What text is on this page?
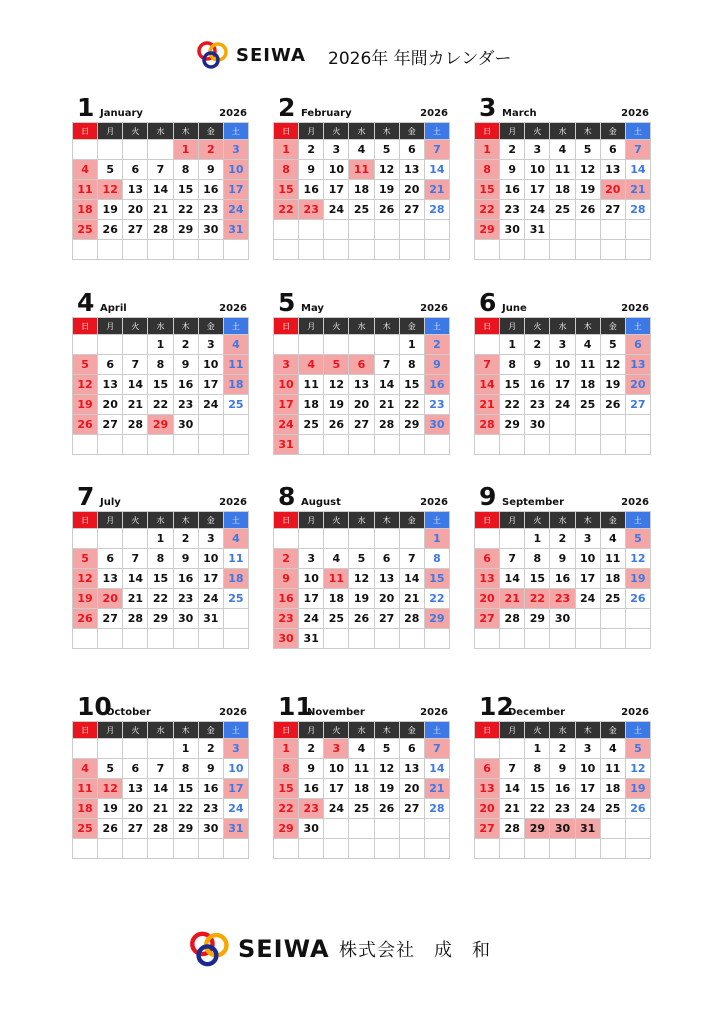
SEIWA 2026年 年間カレンダー
1 January	2026
日	月	火	水	木	金	土
				1	2	3
4	5	6	7	8	9	10
11	12	13	14	15	16	17
18	19	20	21	22	23	24
25	26	27	28	29	30	31

2 February	2026
日	月	火	水	木	金	土
1	2	3	4	5	6	7
8	9	10	11	12	13	14
15	16	17	18	19	20	21
22	23	24	25	26	27	28

3 March	2026
日	月	火	水	木	金	土
1	2	3	4	5	6	7
8	9	10	11	12	13	14
15	16	17	18	19	20	21
22	23	24	25	26	27	28
29	30	31				

4 April	2026
日	月	火	水	木	金	土
			1	2	3	4
5	6	7	8	9	10	11
12	13	14	15	16	17	18
19	20	21	22	23	24	25
26	27	28	29	30		

5 May	2026
日	月	火	水	木	金	土
					1	2
3	4	5	6	7	8	9
10	11	12	13	14	15	16
17	18	19	20	21	22	23
24	25	26	27	28	29	30
31						
6 June	2026
日	月	火	水	木	金	土
	1	2	3	4	5	6
7	8	9	10	11	12	13
14	15	16	17	18	19	20
21	22	23	24	25	26	27
28	29	30				

7 July	2026
日	月	火	水	木	金	土
			1	2	3	4
5	6	7	8	9	10	11
12	13	14	15	16	17	18
19	20	21	22	23	24	25
26	27	28	29	30	31	

8 August	2026
日	月	火	水	木	金	土
						1
2	3	4	5	6	7	8
9	10	11	12	13	14	15
16	17	18	19	20	21	22
23	24	25	26	27	28	29
30	31					
9 September	2026
日	月	火	水	木	金	土
		1	2	3	4	5
6	7	8	9	10	11	12
13	14	15	16	17	18	19
20	21	22	23	24	25	26
27	28	29	30			

10
October	2026
日	月	火	水	木	金	土
				1	2	3
4	5	6	7	8	9	10
11	12	13	14	15	16	17
18	19	20	21	22	23	24
25	26	27	28	29	30	31

11
November	2026
日	月	火	水	木	金	土
1	2	3	4	5	6	7
8	9	10	11	12	13	14
15	16	17	18	19	20	21
22	23	24	25	26	27	28
29	30					

12
December	2026
日	月	火	水	木	金	土
		1	2	3	4	5
6	7	8	9	10	11	12
13	14	15	16	17	18	19
20	21	22	23	24	25	26
27	28	29	30	31		

SEIWA 株式会社　成　和
